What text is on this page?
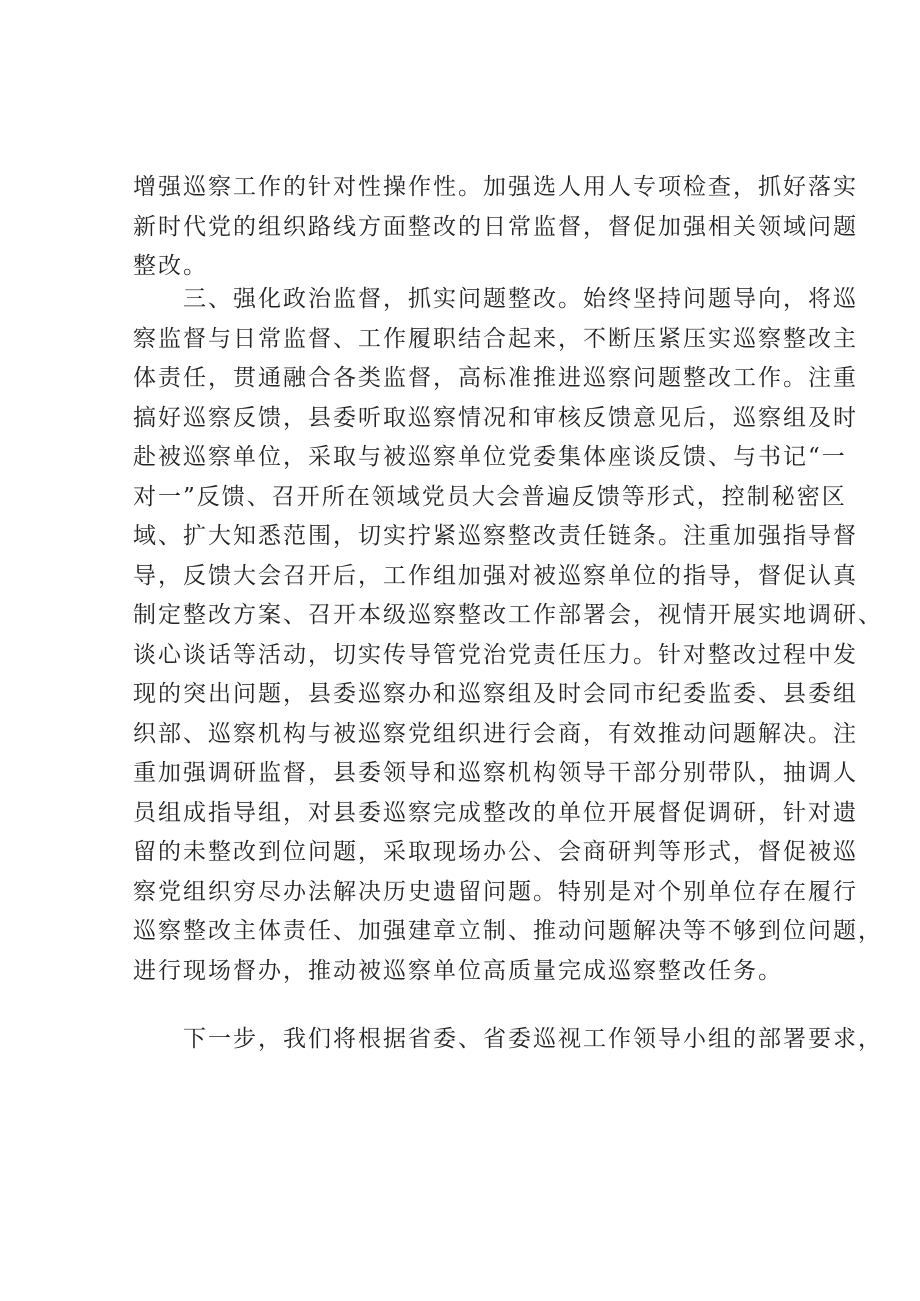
增强巡察工作的针对性操作性。加强选人用人专项检查，抓好落实
新时代党的组织路线方面整改的日常监督，督促加强相关领域问题
整改。
　　三、强化政治监督，抓实问题整改。始终坚持问题导向，将巡
察监督与日常监督、工作履职结合起来，不断压紧压实巡察整改主
体责任，贯通融合各类监督，高标准推进巡察问题整改工作。注重
搞好巡察反馈，县委听取巡察情况和审核反馈意见后，巡察组及时
赴被巡察单位，采取与被巡察单位党委集体座谈反馈、与书记“一
对一”反馈、召开所在领域党员大会普遍反馈等形式，控制秘密区
域、扩大知悉范围，切实拧紧巡察整改责任链条。注重加强指导督
导，反馈大会召开后，工作组加强对被巡察单位的指导，督促认真
制定整改方案、召开本级巡察整改工作部署会，视情开展实地调研、
谈心谈话等活动，切实传导管党治党责任压力。针对整改过程中发
现的突出问题，县委巡察办和巡察组及时会同市纪委监委、县委组
织部、巡察机构与被巡察党组织进行会商，有效推动问题解决。注
重加强调研监督，县委领导和巡察机构领导干部分别带队，抽调人
员组成指导组，对县委巡察完成整改的单位开展督促调研，针对遗
留的未整改到位问题，采取现场办公、会商研判等形式，督促被巡
察党组织穷尽办法解决历史遗留问题。特别是对个别单位存在履行
巡察整改主体责任、加强建章立制、推动问题解决等不够到位问题，
进行现场督办，推动被巡察单位高质量完成巡察整改任务。
　　下一步，我们将根据省委、省委巡视工作领导小组的部署要求，
